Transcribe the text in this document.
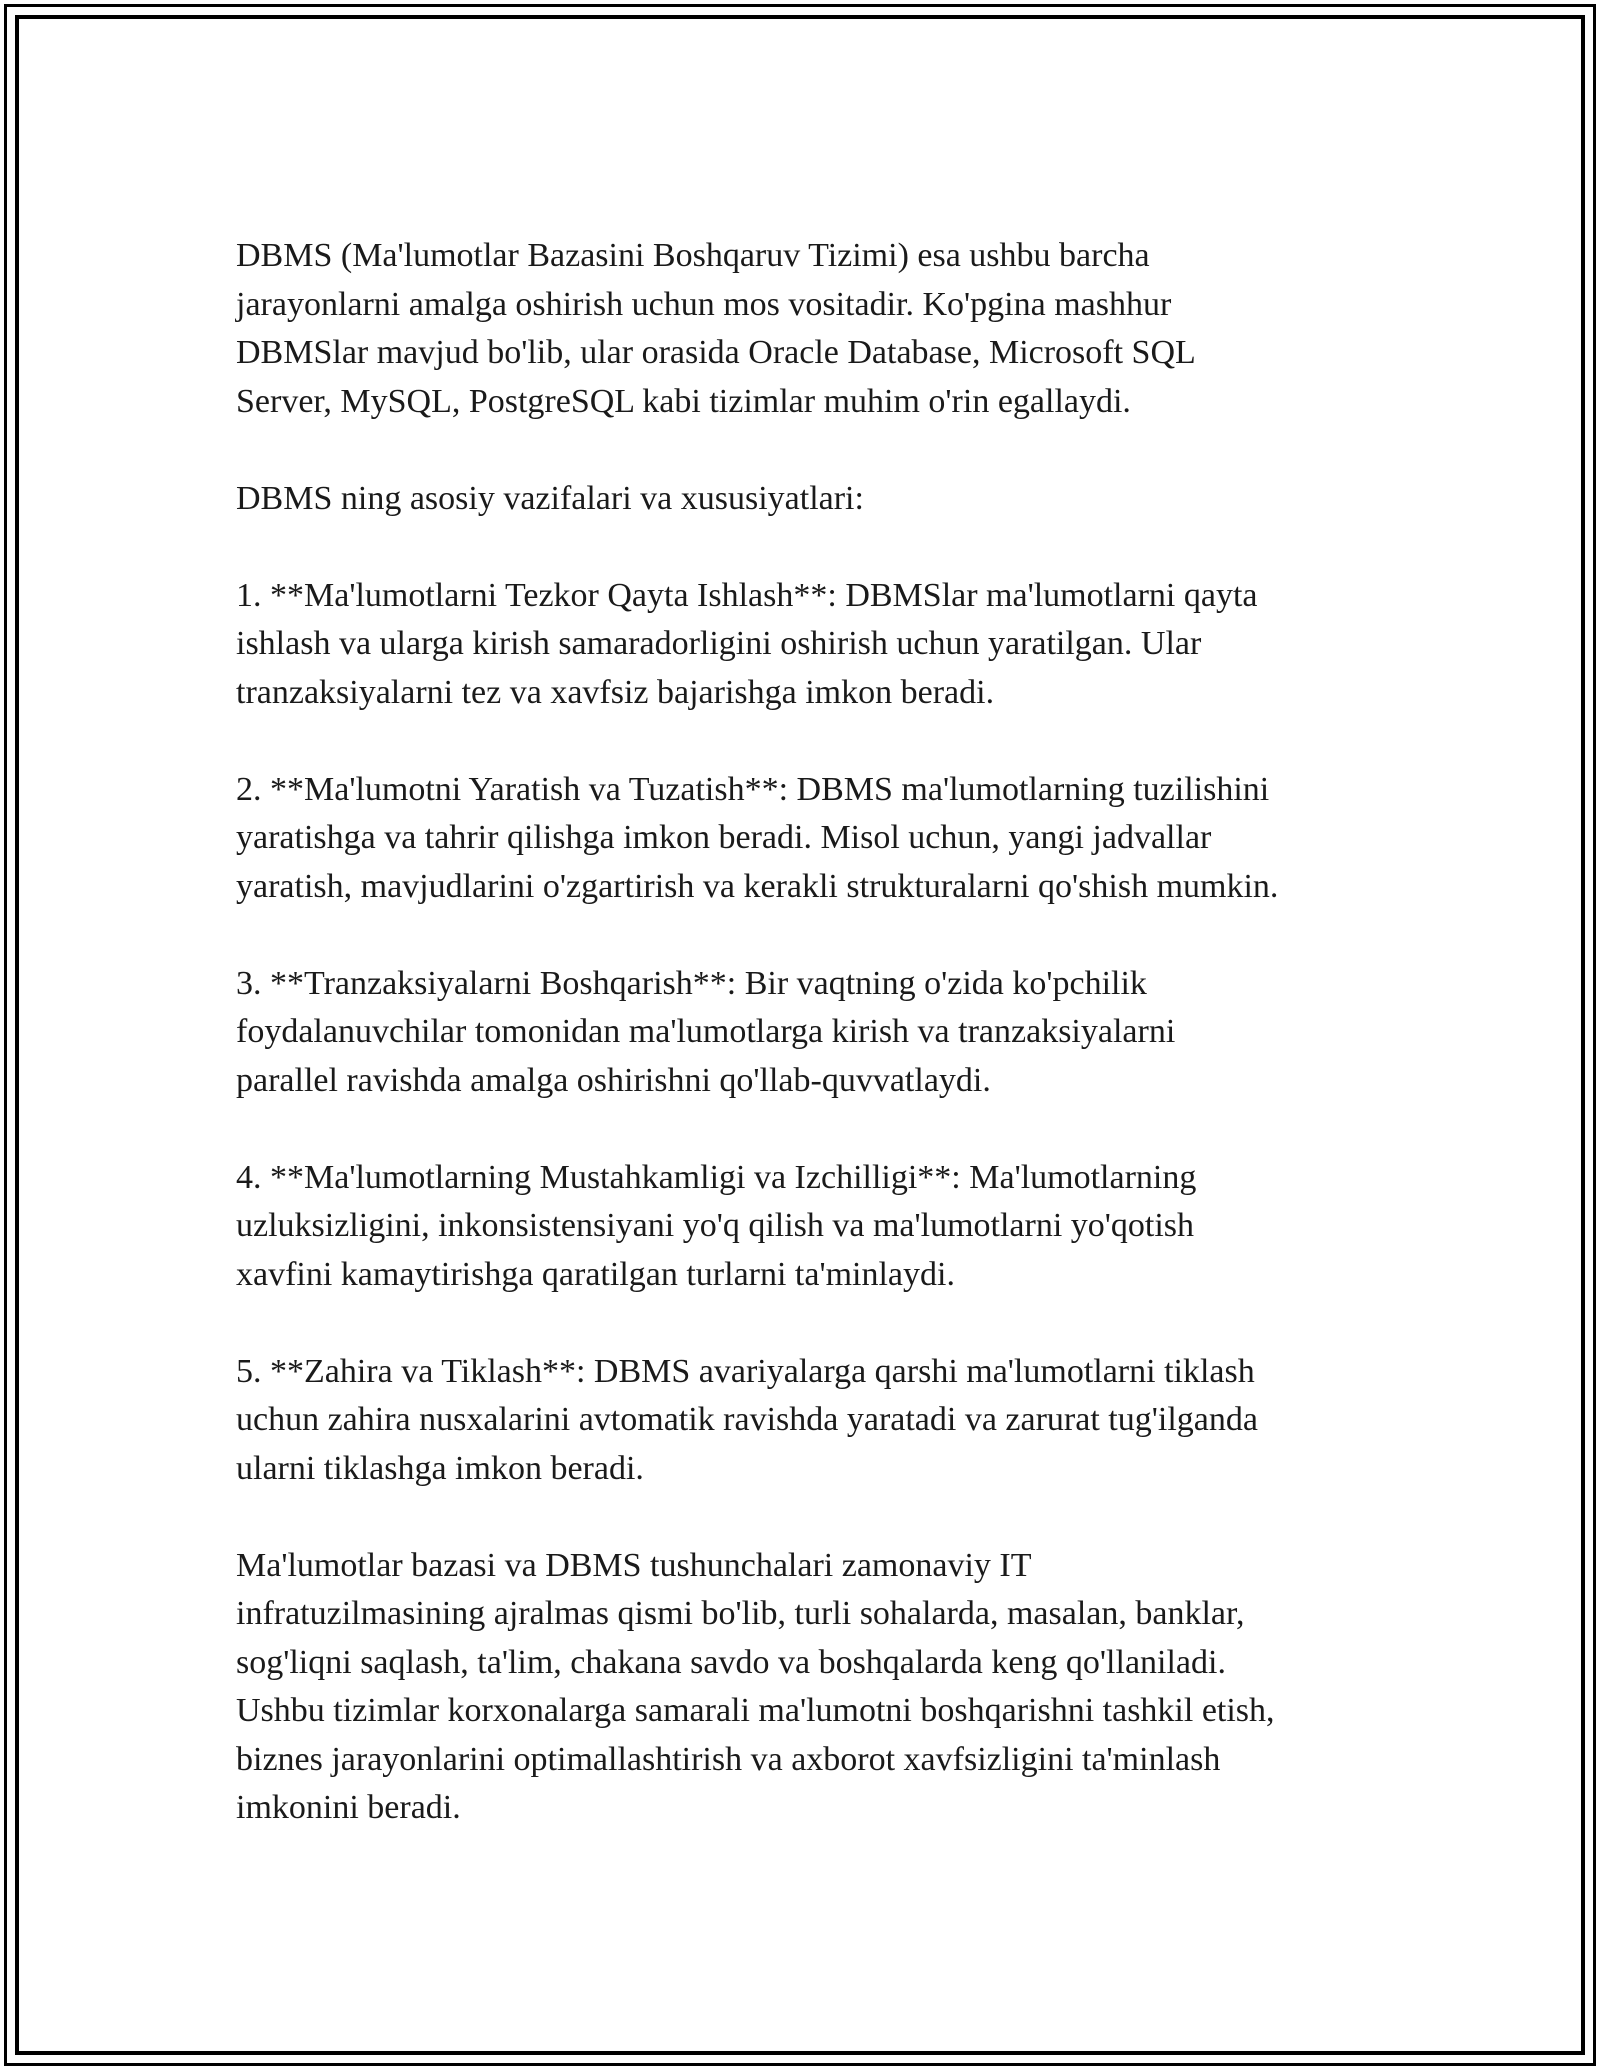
DBMS (Ma'lumotlar Bazasini Boshqaruv Tizimi) esa ushbu barcha
jarayonlarni amalga oshirish uchun mos vositadir. Ko'pgina mashhur
DBMSlar mavjud bo'lib, ular orasida Oracle Database, Microsoft SQL
Server, MySQL, PostgreSQL kabi tizimlar muhim o'rin egallaydi.

DBMS ning asosiy vazifalari va xususiyatlari:

1. **Ma'lumotlarni Tezkor Qayta Ishlash**: DBMSlar ma'lumotlarni qayta
ishlash va ularga kirish samaradorligini oshirish uchun yaratilgan. Ular
tranzaksiyalarni tez va xavfsiz bajarishga imkon beradi.

2. **Ma'lumotni Yaratish va Tuzatish**: DBMS ma'lumotlarning tuzilishini
yaratishga va tahrir qilishga imkon beradi. Misol uchun, yangi jadvallar
yaratish, mavjudlarini o'zgartirish va kerakli strukturalarni qo'shish mumkin.

3. **Tranzaksiyalarni Boshqarish**: Bir vaqtning o'zida ko'pchilik
foydalanuvchilar tomonidan ma'lumotlarga kirish va tranzaksiyalarni
parallel ravishda amalga oshirishni qo'llab-quvvatlaydi.

4. **Ma'lumotlarning Mustahkamligi va Izchilligi**: Ma'lumotlarning
uzluksizligini, inkonsistensiyani yo'q qilish va ma'lumotlarni yo'qotish
xavfini kamaytirishga qaratilgan turlarni ta'minlaydi.

5. **Zahira va Tiklash**: DBMS avariyalarga qarshi ma'lumotlarni tiklash
uchun zahira nusxalarini avtomatik ravishda yaratadi va zarurat tug'ilganda
ularni tiklashga imkon beradi.

Ma'lumotlar bazasi va DBMS tushunchalari zamonaviy IT
infratuzilmasining ajralmas qismi bo'lib, turli sohalarda, masalan, banklar,
sog'liqni saqlash, ta'lim, chakana savdo va boshqalarda keng qo'llaniladi.
Ushbu tizimlar korxonalarga samarali ma'lumotni boshqarishni tashkil etish,
biznes jarayonlarini optimallashtirish va axborot xavfsizligini ta'minlash
imkonini beradi.
